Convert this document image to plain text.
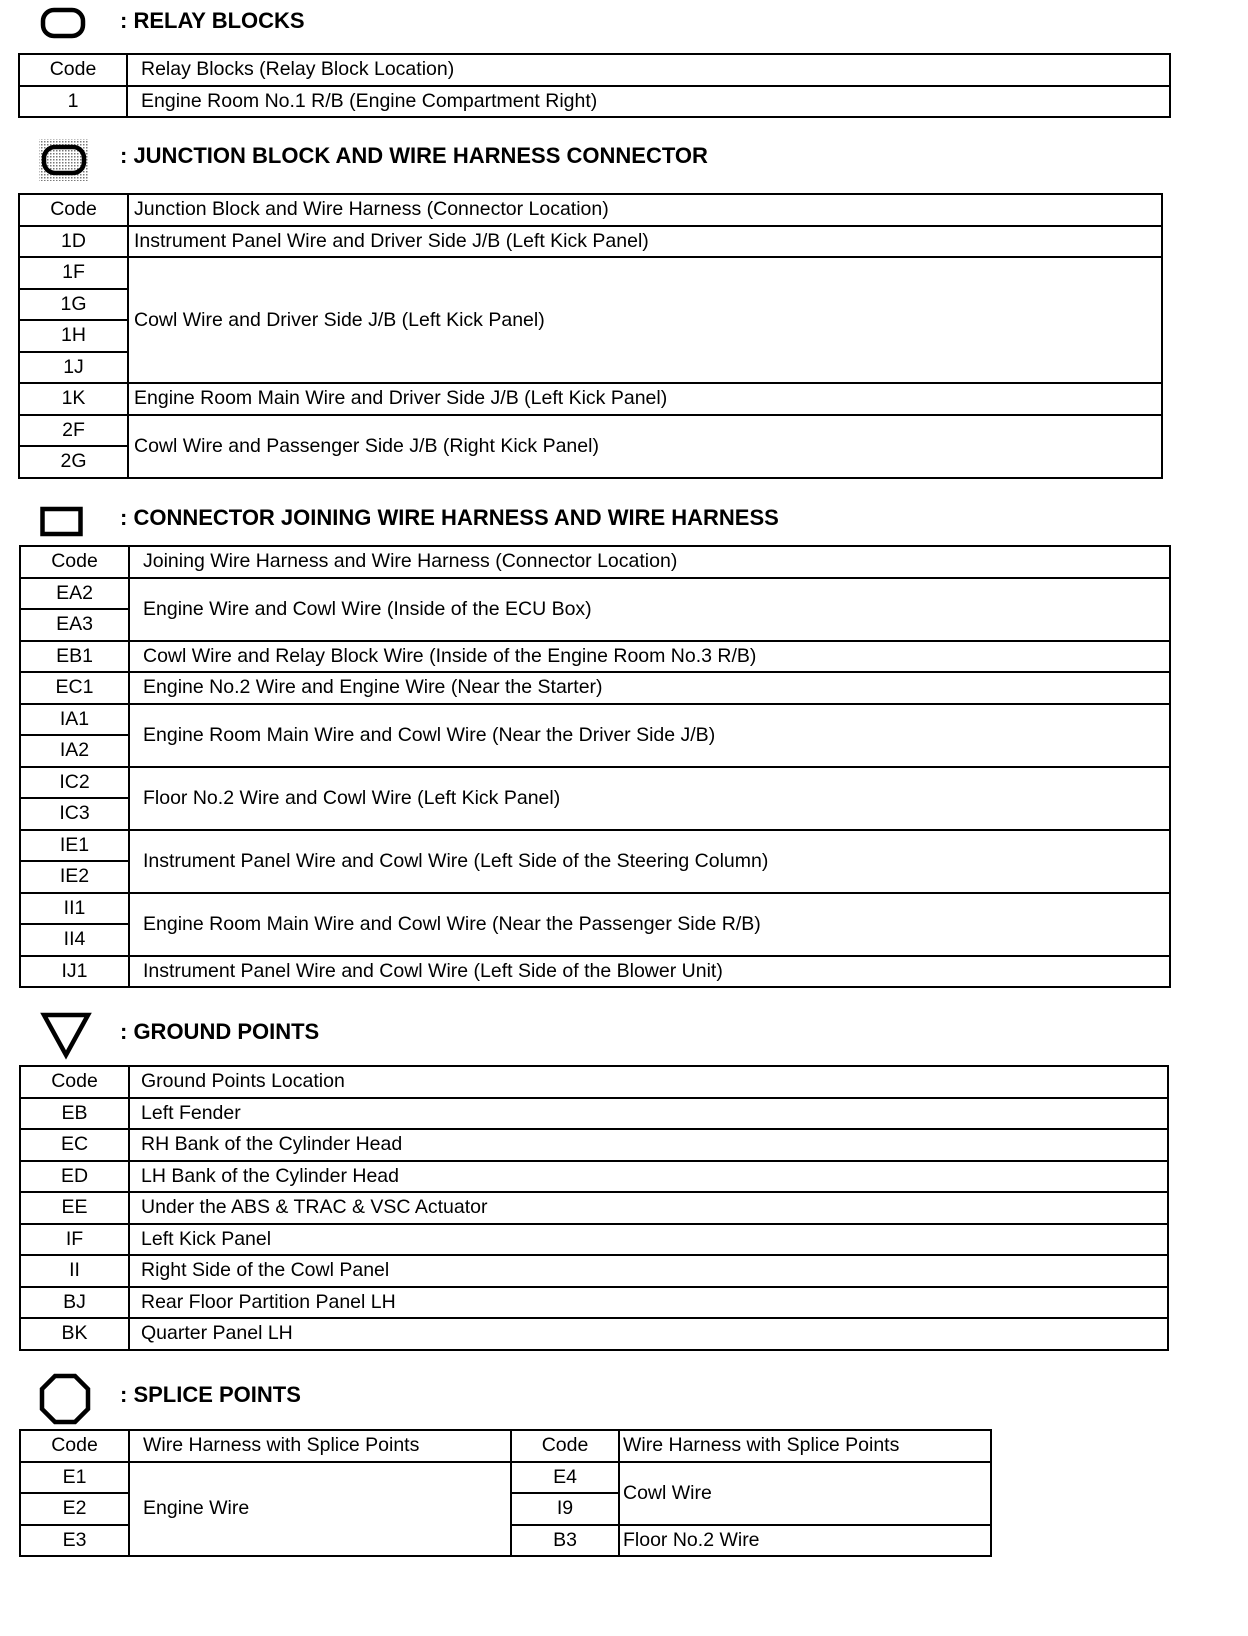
: RELAY BLOCKS
Code	Relay Blocks (Relay Block Location)
1	Engine Room No.1 R/B (Engine Compartment Right)
: JUNCTION BLOCK AND WIRE HARNESS CONNECTOR
Code	Junction Block and Wire Harness (Connector Location)
1D	Instrument Panel Wire and Driver Side J/B (Left Kick Panel)
1F	Cowl Wire and Driver Side J/B (Left Kick Panel)
1G	
1H	
1J	
1K	Engine Room Main Wire and Driver Side J/B (Left Kick Panel)
2F	Cowl Wire and Passenger Side J/B (Right Kick Panel)
2G	
: CONNECTOR JOINING WIRE HARNESS AND WIRE HARNESS
Code	Joining Wire Harness and Wire Harness (Connector Location)
EA2	Engine Wire and Cowl Wire (Inside of the ECU Box)
EA3	
EB1	Cowl Wire and Relay Block Wire (Inside of the Engine Room No.3 R/B)
EC1	Engine No.2 Wire and Engine Wire (Near the Starter)
IA1	Engine Room Main Wire and Cowl Wire (Near the Driver Side J/B)
IA2	
IC2	Floor No.2 Wire and Cowl Wire (Left Kick Panel)
IC3	
IE1	Instrument Panel Wire and Cowl Wire (Left Side of the Steering Column)
IE2	
II1	Engine Room Main Wire and Cowl Wire (Near the Passenger Side R/B)
II4	
IJ1	Instrument Panel Wire and Cowl Wire (Left Side of the Blower Unit)
: GROUND POINTS
Code	Ground Points Location
EB	Left Fender
EC	RH Bank of the Cylinder Head
ED	LH Bank of the Cylinder Head
EE	Under the ABS & TRAC & VSC Actuator
IF	Left Kick Panel
II	Right Side of the Cowl Panel
BJ	Rear Floor Partition Panel LH
BK	Quarter Panel LH
: SPLICE POINTS
Code	Wire Harness with Splice Points	Code	Wire Harness with Splice Points
E1	Engine Wire	E4	Cowl Wire
E2		I9	
E3		B3	Floor No.2 Wire
